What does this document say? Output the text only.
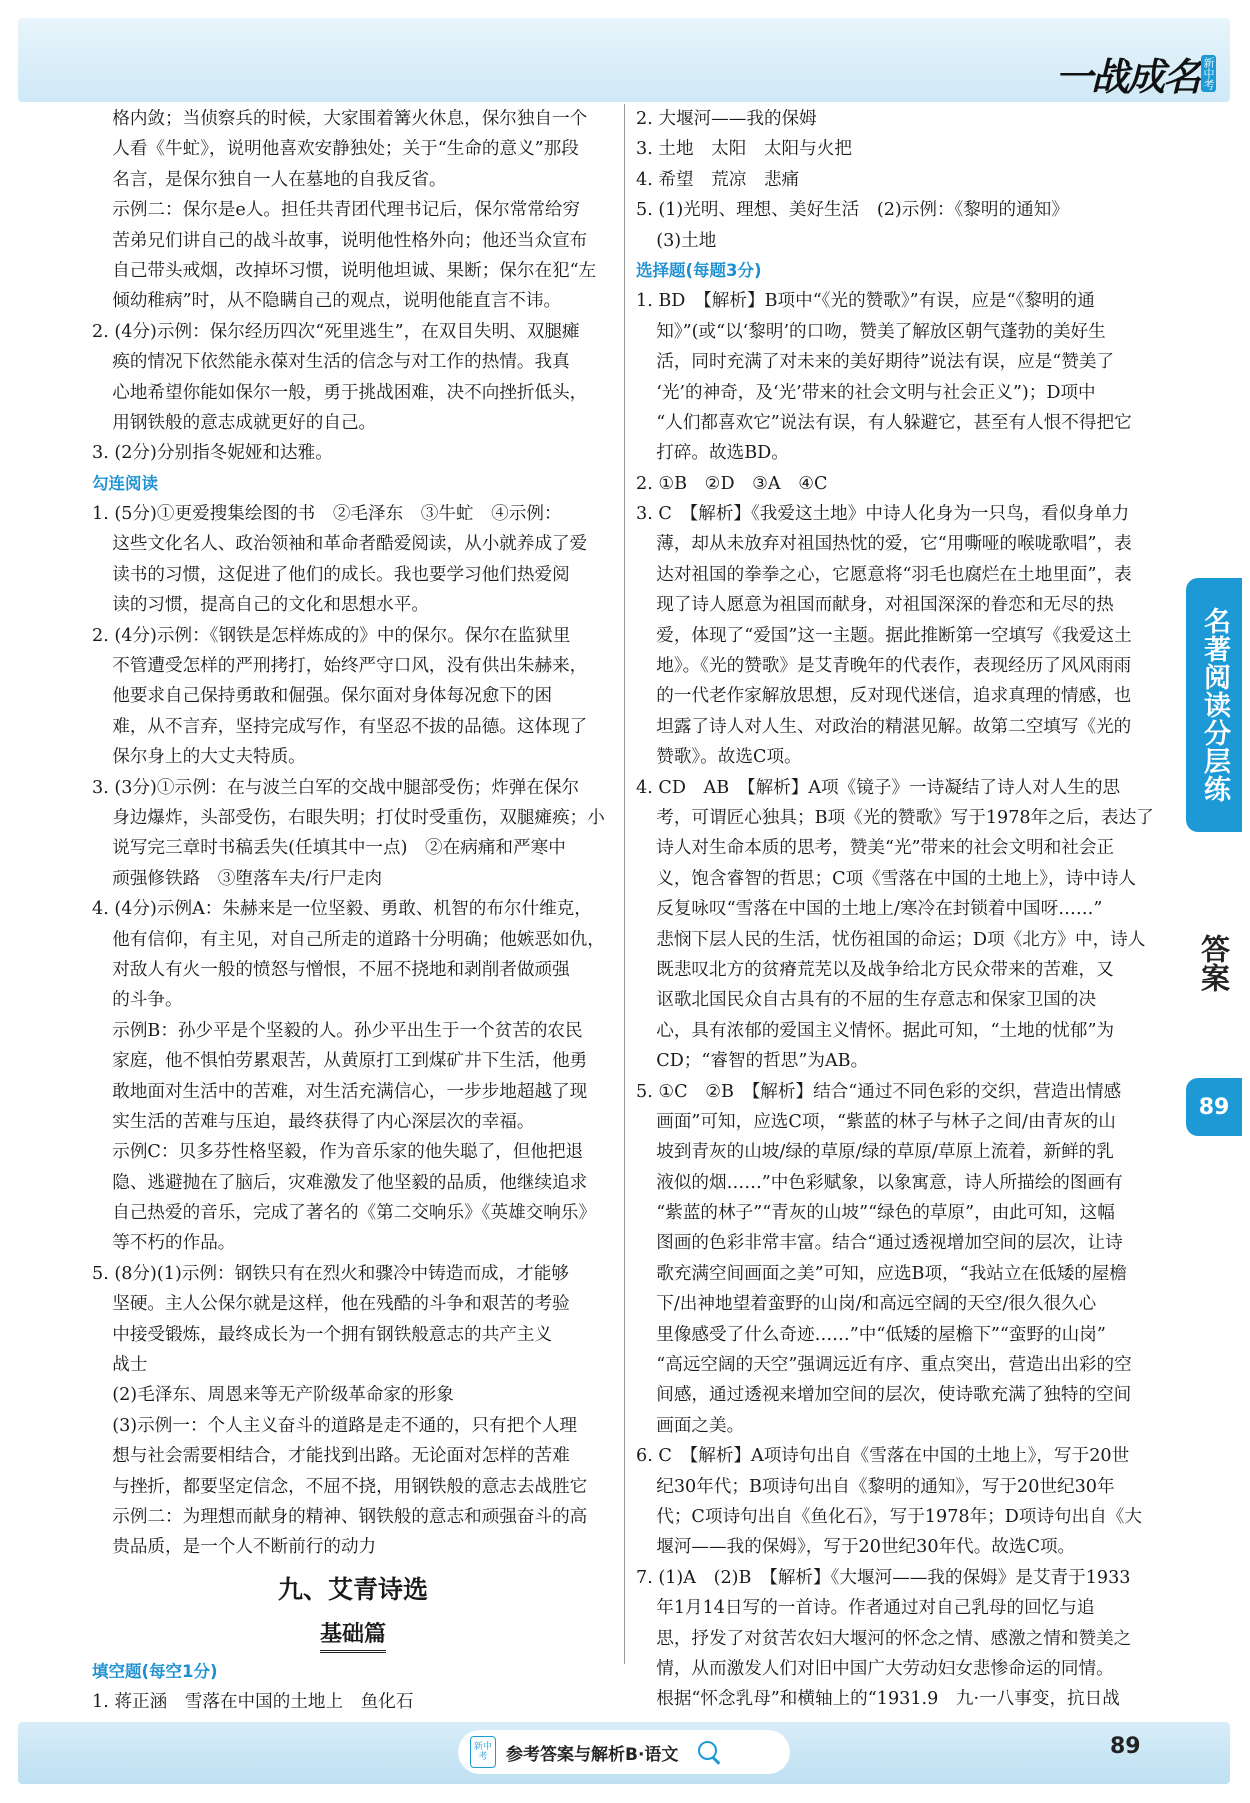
一战成名 新中考
格内敛；当侦察兵的时候，大家围着篝火休息，保尔独自一个
人看《牛虻》，说明他喜欢安静独处；关于“生命的意义”那段
名言，是保尔独自一人在墓地的自我反省。
示例二：保尔是e人。担任共青团代理书记后，保尔常常给穷
苦弟兄们讲自己的战斗故事，说明他性格外向；他还当众宣布
自己带头戒烟，改掉坏习惯，说明他坦诚、果断；保尔在犯“左
倾幼稚病”时，从不隐瞒自己的观点，说明他能直言不讳。
2. (4分)示例：保尔经历四次“死里逃生”，在双目失明、双腿瘫
痪的情况下依然能永葆对生活的信念与对工作的热情。我真
心地希望你能如保尔一般，勇于挑战困难，决不向挫折低头，
用钢铁般的意志成就更好的自己。
3. (2分)分别指冬妮娅和达雅。
勾连阅读
1. (5分)①更爱搜集绘图的书　②毛泽东　③牛虻　④示例：
这些文化名人、政治领袖和革命者酷爱阅读，从小就养成了爱
读书的习惯，这促进了他们的成长。我也要学习他们热爱阅
读的习惯，提高自己的文化和思想水平。
2. (4分)示例：《钢铁是怎样炼成的》中的保尔。保尔在监狱里
不管遭受怎样的严刑拷打，始终严守口风，没有供出朱赫来，
他要求自己保持勇敢和倔强。保尔面对身体每况愈下的困
难，从不言弃，坚持完成写作，有坚忍不拔的品德。这体现了
保尔身上的大丈夫特质。
3. (3分)①示例：在与波兰白军的交战中腿部受伤；炸弹在保尔
身边爆炸，头部受伤，右眼失明；打仗时受重伤，双腿瘫痪；小
说写完三章时书稿丢失(任填其中一点)　②在病痛和严寒中
顽强修铁路　③堕落车夫/行尸走肉
4. (4分)示例A：朱赫来是一位坚毅、勇敢、机智的布尔什维克，
他有信仰，有主见，对自己所走的道路十分明确；他嫉恶如仇，
对敌人有火一般的愤怒与憎恨，不屈不挠地和剥削者做顽强
的斗争。
示例B：孙少平是个坚毅的人。孙少平出生于一个贫苦的农民
家庭，他不惧怕劳累艰苦，从黄原打工到煤矿井下生活，他勇
敢地面对生活中的苦难，对生活充满信心，一步步地超越了现
实生活的苦难与压迫，最终获得了内心深层次的幸福。
示例C：贝多芬性格坚毅，作为音乐家的他失聪了，但他把退
隐、逃避抛在了脑后，灾难激发了他坚毅的品质，他继续追求
自己热爱的音乐，完成了著名的《第二交响乐》《英雄交响乐》
等不朽的作品。
5. (8分)(1)示例：钢铁只有在烈火和骤冷中铸造而成，才能够
坚硬。主人公保尔就是这样，他在残酷的斗争和艰苦的考验
中接受锻炼，最终成长为一个拥有钢铁般意志的共产主义
战士
(2)毛泽东、周恩来等无产阶级革命家的形象
(3)示例一：个人主义奋斗的道路是走不通的，只有把个人理
想与社会需要相结合，才能找到出路。无论面对怎样的苦难
与挫折，都要坚定信念，不屈不挠，用钢铁般的意志去战胜它
示例二：为理想而献身的精神、钢铁般的意志和顽强奋斗的高
贵品质，是一个人不断前行的动力
九、艾青诗选
基础篇
填空题(每空1分)
1. 蒋正涵　雪落在中国的土地上　鱼化石
2. 大堰河——我的保姆
3. 土地　太阳　太阳与火把
4. 希望　荒凉　悲痛
5. (1)光明、理想、美好生活　(2)示例：《黎明的通知》
(3)土地
选择题(每题3分)
1. BD　【解析】B项中“《光的赞歌》”有误，应是“《黎明的通
知》”(或“以‘黎明’的口吻，赞美了解放区朝气蓬勃的美好生
活，同时充满了对未来的美好期待”说法有误，应是“赞美了
‘光’的神奇，及‘光’带来的社会文明与社会正义”)；D项中
“人们都喜欢它”说法有误，有人躲避它，甚至有人恨不得把它
打碎。故选BD。
2. ①B　②D　③A　④C
3. C　【解析】《我爱这土地》中诗人化身为一只鸟，看似身单力
薄，却从未放弃对祖国热忱的爱，它“用嘶哑的喉咙歌唱”，表
达对祖国的拳拳之心，它愿意将“羽毛也腐烂在土地里面”，表
现了诗人愿意为祖国而献身，对祖国深深的眷恋和无尽的热
爱，体现了“爱国”这一主题。据此推断第一空填写《我爱这土
地》。《光的赞歌》是艾青晚年的代表作，表现经历了风风雨雨
的一代老作家解放思想，反对现代迷信，追求真理的情感，也
坦露了诗人对人生、对政治的精湛见解。故第二空填写《光的
赞歌》。故选C项。
4. CD　AB　【解析】A项《镜子》一诗凝结了诗人对人生的思
考，可谓匠心独具；B项《光的赞歌》写于1978年之后，表达了
诗人对生命本质的思考，赞美“光”带来的社会文明和社会正
义，饱含睿智的哲思；C项《雪落在中国的土地上》，诗中诗人
反复咏叹“雪落在中国的土地上/寒冷在封锁着中国呀……”
悲悯下层人民的生活，忧伤祖国的命运；D项《北方》中，诗人
既悲叹北方的贫瘠荒芜以及战争给北方民众带来的苦难，又
讴歌北国民众自古具有的不屈的生存意志和保家卫国的决
心，具有浓郁的爱国主义情怀。据此可知，“土地的忧郁”为
CD；“睿智的哲思”为AB。
5. ①C　②B　【解析】结合“通过不同色彩的交织，营造出情感
画面”可知，应选C项，“紫蓝的林子与林子之间/由青灰的山
坡到青灰的山坡/绿的草原/绿的草原/草原上流着，新鲜的乳
液似的烟……”中色彩赋象，以象寓意，诗人所描绘的图画有
“紫蓝的林子”“青灰的山坡”“绿色的草原”，由此可知，这幅
图画的色彩非常丰富。结合“通过透视增加空间的层次，让诗
歌充满空间画面之美”可知，应选B项，“我站立在低矮的屋檐
下/出神地望着蛮野的山岗/和高远空阔的天空/很久很久心
里像感受了什么奇迹……”中“低矮的屋檐下”“蛮野的山岗”
“高远空阔的天空”强调远近有序、重点突出，营造出出彩的空
间感，通过透视来增加空间的层次，使诗歌充满了独特的空间
画面之美。
6. C　【解析】A项诗句出自《雪落在中国的土地上》，写于20世
纪30年代；B项诗句出自《黎明的通知》，写于20世纪30年
代；C项诗句出自《鱼化石》，写于1978年；D项诗句出自《大
堰河——我的保姆》，写于20世纪30年代。故选C项。
7. (1)A　(2)B　【解析】《大堰河——我的保姆》是艾青于1933
年1月14日写的一首诗。作者通过对自己乳母的回忆与追
思，抒发了对贫苦农妇大堰河的怀念之情、感激之情和赞美之
情，从而激发人们对旧中国广大劳动妇女悲惨命运的同情。
根据“怀念乳母”和横轴上的“1931.9　九·一八事变，抗日战
名著阅读分层练
答案
89
新中考	参考答案与解析B·语文	89
